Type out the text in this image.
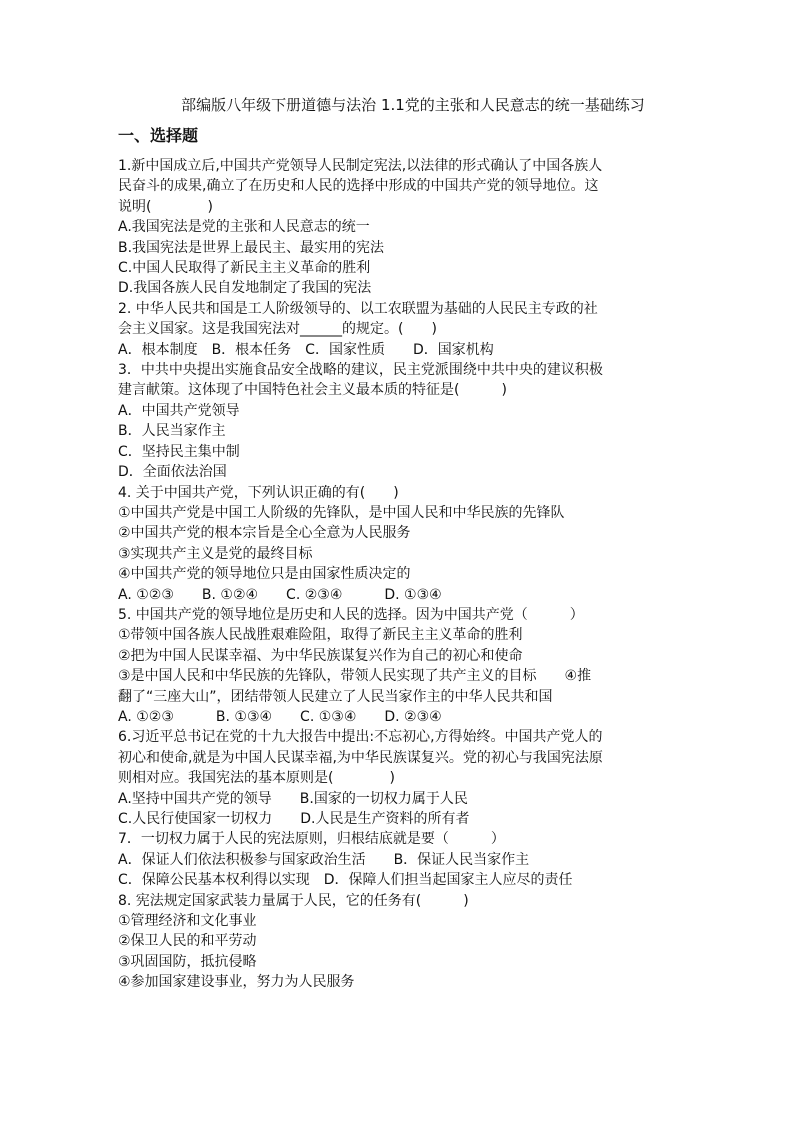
部编版八年级下册道德与法治 1.1党的主张和人民意志的统一基础练习
一、选择题
1.新中国成立后,中国共产党领导人民制定宪法,以法律的形式确认了中国各族人
民奋斗的成果,确立了在历史和人民的选择中形成的中国共产党的领导地位。这
说明(　　　　)
A.我国宪法是党的主张和人民意志的统一
B.我国宪法是世界上最民主、最实用的宪法
C.中国人民取得了新民主主义革命的胜利
D.我国各族人民自发地制定了我国的宪法
2. 中华人民共和国是工人阶级领导的、以工农联盟为基础的人民民主专政的社
会主义国家。这是我国宪法对______的规定。(　　)
A．根本制度　B．根本任务　C．国家性质　　D．国家机构
3．中共中央提出实施食品安全战略的建议，民主党派围绕中共中央的建议积极
建言献策。这体现了中国特色社会主义最本质的特征是(　　　)
A．中国共产党领导
B．人民当家作主
C．坚持民主集中制
D．全面依法治国
4. 关于中国共产党，下列认识正确的有(　　)
①中国共产党是中国工人阶级的先锋队，是中国人民和中华民族的先锋队
②中国共产党的根本宗旨是全心全意为人民服务
③实现共产主义是党的最终目标
④中国共产党的领导地位只是由国家性质决定的
A. ①②③　　B. ①②④　　C. ②③④　　　D. ①③④
5. 中国共产党的领导地位是历史和人民的选择。因为中国共产党（　　　）
①带领中国各族人民战胜艰难险阻，取得了新民主主义革命的胜利
②把为中国人民谋幸福、为中华民族谋复兴作为自己的初心和使命
③是中国人民和中华民族的先锋队，带领人民实现了共产主义的目标　　④推
翻了“三座大山”，团结带领人民建立了人民当家作主的中华人民共和国
A. ①②③　　　B. ①③④　　C. ①③④　　D. ②③④
6.习近平总书记在党的十九大报告中提出:不忘初心,方得始终。中国共产党人的
初心和使命,就是为中国人民谋幸福,为中华民族谋复兴。党的初心与我国宪法原
则相对应。我国宪法的基本原则是(　　　　)
A.坚持中国共产党的领导　　B.国家的一切权力属于人民
C.人民行使国家一切权力　　D.人民是生产资料的所有者
7．一切权力属于人民的宪法原则，归根结底就是要（　　　）
A．保证人们依法积极参与国家政治生活　　B．保证人民当家作主
C．保障公民基本权利得以实现　D．保障人们担当起国家主人应尽的责任
8. 宪法规定国家武装力量属于人民，它的任务有(　　　)
①管理经济和文化事业
②保卫人民的和平劳动
③巩固国防，抵抗侵略
④参加国家建设事业，努力为人民服务
